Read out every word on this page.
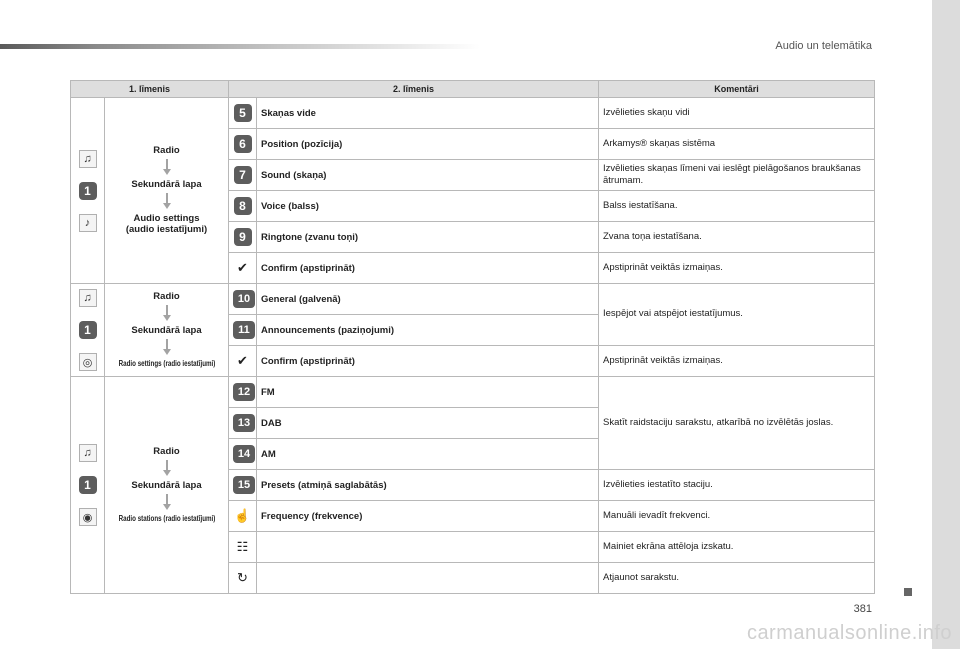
Audio un telemātika
1. līmenis		2. līmenis		Komentāri

♫
1
♪	Radio
Sekundārā lapa
Audio settings
(audio iestatījumi)	5	Skaņas vide	Izvēlieties skaņu vidi
		6	Position (pozīcija)	Arkamys® skaņas sistēma
		7	Sound (skaņa)	Izvēlieties skaņas līmeni vai ieslēgt pielāgošanos braukšanas ātrumam.
		8	Voice (balss)	Balss iestatīšana.
		9	Ringtone (zvanu toņi)	Zvana toņa iestatīšana.
		✔	Confirm (apstiprināt)	Apstiprināt veiktās izmaiņas.

♫
1
◎	Radio
Sekundārā lapa
Radio settings (radio iestatījumi)	10	General (galvenā)	Iespējot vai atspējot iestatījumus.
		11	Announcements (paziņojumi)	
		✔	Confirm (apstiprināt)	Apstiprināt veiktās izmaiņas.

♫
1
◉	Radio
Sekundārā lapa
Radio stations (radio iestatījumi)	12	FM	Skatīt raidstaciju sarakstu, atkarībā no izvēlētās joslas.
		13	DAB	
		14	AM	
		15	Presets (atmiņā saglabātās)	Izvēlieties iestatīto staciju.
		☝	Frequency (frekvence)	Manuāli ievadīt frekvenci.
		☷		Mainiet ekrāna attēloja izskatu.
		↻		Atjaunot sarakstu.
381
carmanualsonline.info
